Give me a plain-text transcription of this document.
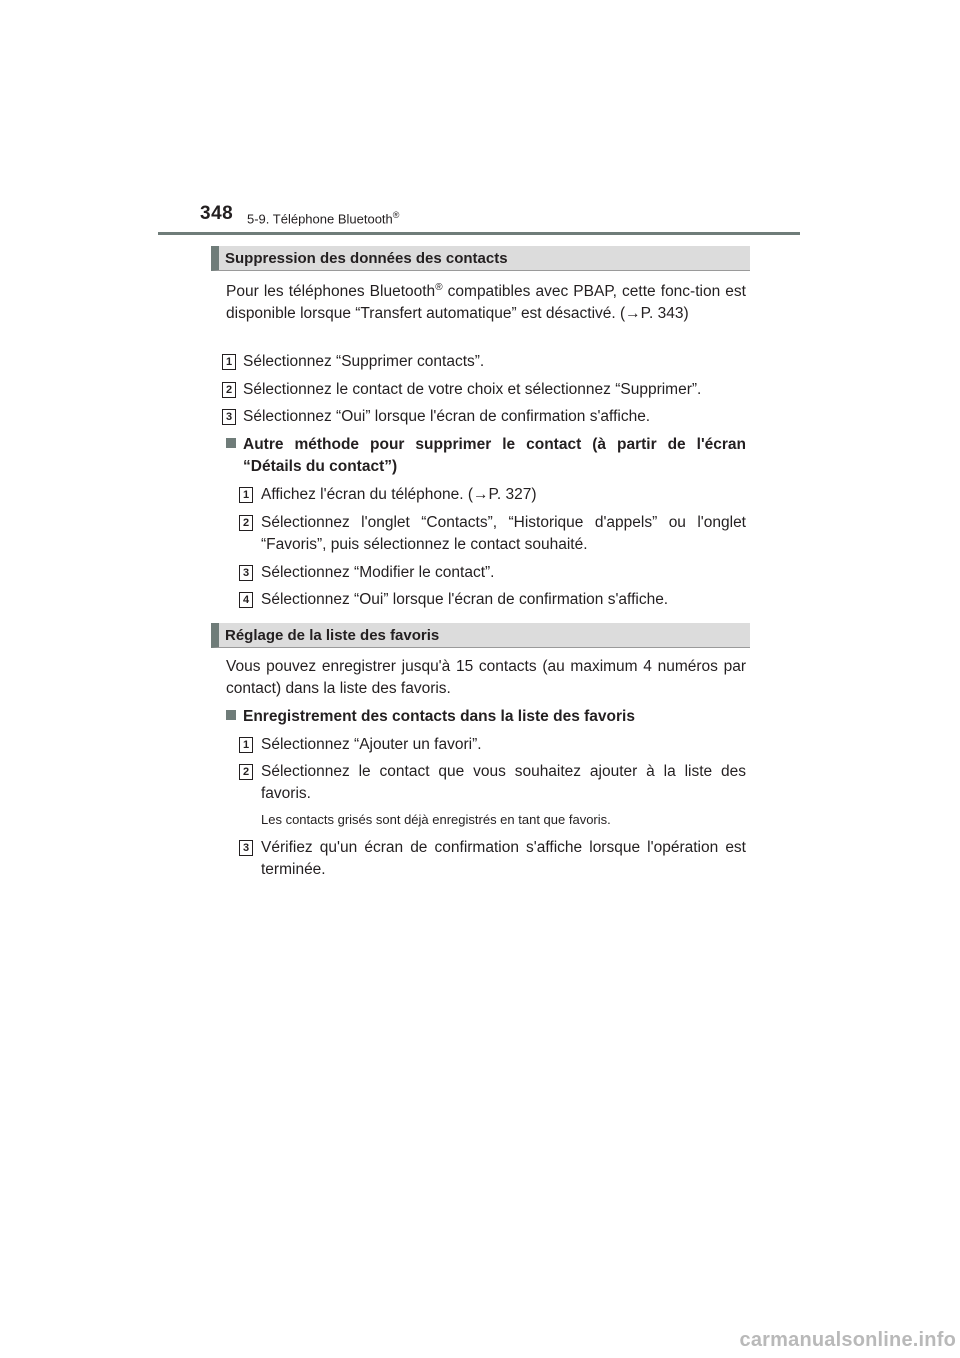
348 5-9. Téléphone Bluetooth®
Suppression des données des contacts
Pour les téléphones Bluetooth® compatibles avec PBAP, cette fonc-tion est disponible lorsque “Transfert automatique” est désactivé. (→P. 343)
1 Sélectionnez “Supprimer contacts”.
2 Sélectionnez le contact de votre choix et sélectionnez “Supprimer”.
3 Sélectionnez “Oui” lorsque l'écran de confirmation s'affiche.
Autre méthode pour supprimer le contact (à partir de l'écran “Détails du contact”)
1 Affichez l'écran du téléphone. (→P. 327)
2 Sélectionnez l'onglet “Contacts”, “Historique d'appels” ou l'onglet “Favoris”, puis sélectionnez le contact souhaité.
3 Sélectionnez “Modifier le contact”.
4 Sélectionnez “Oui” lorsque l'écran de confirmation s'affiche.
Réglage de la liste des favoris
Vous pouvez enregistrer jusqu'à 15 contacts (au maximum 4 numéros par contact) dans la liste des favoris.
Enregistrement des contacts dans la liste des favoris
1 Sélectionnez “Ajouter un favori”.
2 Sélectionnez le contact que vous souhaitez ajouter à la liste des favoris.
Les contacts grisés sont déjà enregistrés en tant que favoris.
3 Vérifiez qu'un écran de confirmation s'affiche lorsque l'opération est terminée.
carmanualsonline.info
